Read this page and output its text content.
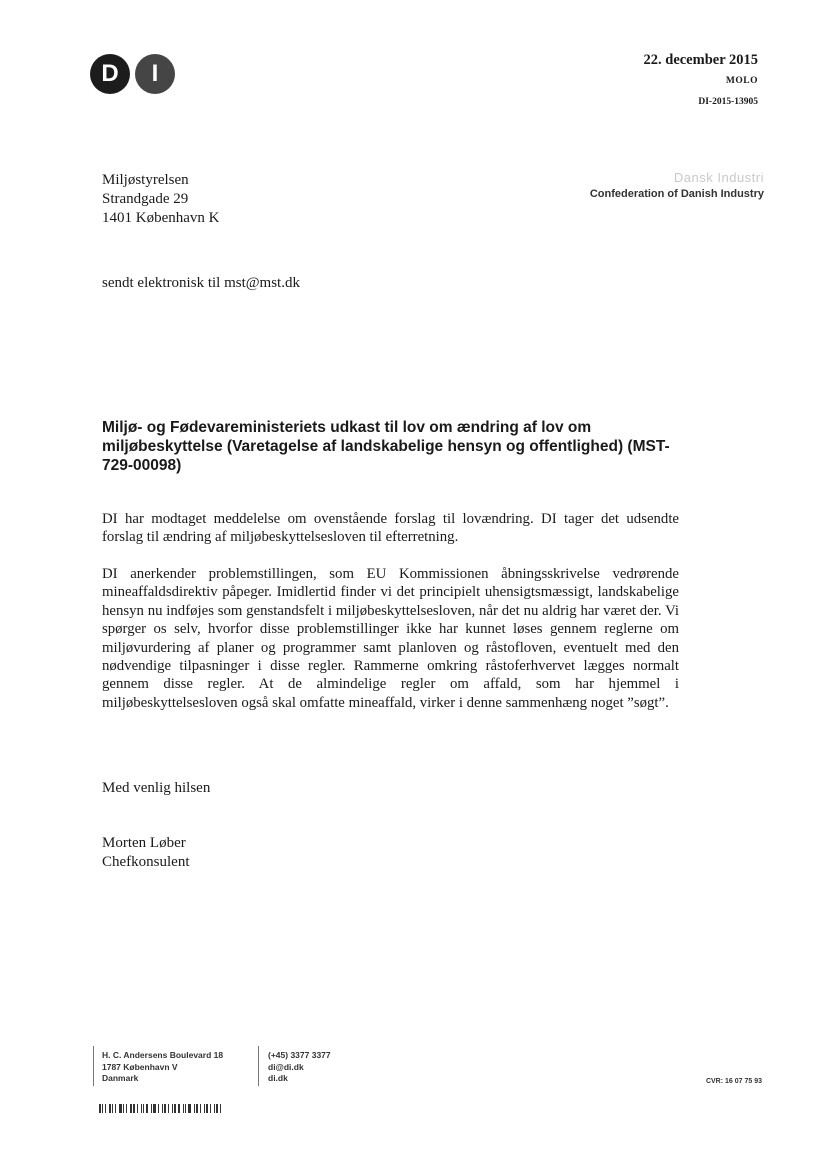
D	I	22. december 2015
MOLO
DI-2015-13905
Miljøstyrelsen
Strandgade 29
1401 København K
Dansk Industri
Confederation of Danish Industry
sendt elektronisk til mst@mst.dk
Miljø- og Fødevareministeriets udkast til lov om ændring af lov om miljøbeskyttelse (Varetagelse af landskabelige hensyn og offentlighed) (MST-729-00098)
DI har modtaget meddelelse om ovenstående forslag til lovændring. DI tager det udsendte forslag til ændring af miljøbeskyttelsesloven til efterretning.
DI anerkender problemstillingen, som EU Kommissionen åbningsskrivelse vedrørende mineaffaldsdirektiv påpeger. Imidlertid finder vi det principielt uhensigtsmæssigt, landskabelige hensyn nu indføjes som genstandsfelt i miljøbeskyttelsesloven, når det nu aldrig har været der. Vi spørger os selv, hvorfor disse problemstillinger ikke har kunnet løses gennem reglerne om miljøvurdering af planer og programmer samt planloven og råstofloven, eventuelt med den nødvendige tilpasninger i disse regler. Rammerne omkring råstoferhvervet lægges normalt gennem disse regler. At de almindelige regler om affald, som har hjemmel i miljøbeskyttelsesloven også skal omfatte mineaffald, virker i denne sammenhæng noget ”søgt”.
Med venlig hilsen
Morten Løber
Chefkonsulent
H. C. Andersens Boulevard 18
1787 København V
Danmark
(+45) 3377 3377
di@di.dk
di.dk	CVR: 16 07 75 93
